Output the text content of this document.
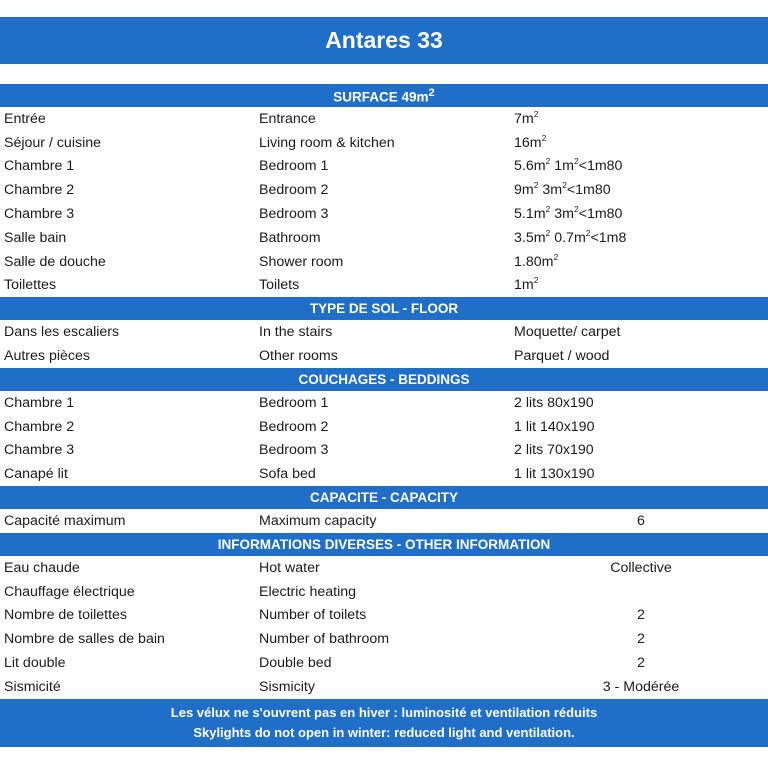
Antares 33
SURFACE $49m^2$
Entrée	Entrance	$7m^2$
Séjour / cuisine	Living room & kitchen	$16m^2$
Chambre 1	Bedroom 1	$5.6m^2$ $1m^2<1m80$
Chambre 2	Bedroom 2	$9m^2$ $3m^2<1m80$
Chambre 3	Bedroom 3	$5.1m^2$ $3m^2<1m80$
Salle bain	Bathroom	$3.5m^2$ $0.7m^2<1m8$
Salle de douche	Shower room	$1.80m^2$
Toilettes	Toilets	$1m^2$
TYPE DE SOL - FLOOR
Dans les escaliers	In the stairs	Moquette/ carpet
Autres pièces	Other rooms	Parquet / wood
COUCHAGES - BEDDINGS
Chambre 1	Bedroom 1	2 lits 80x190
Chambre 2	Bedroom 2	1 lit 140x190
Chambre 3	Bedroom 3	2 lits 70x190
Canapé lit	Sofa bed	1 lit 130x190
CAPACITE - CAPACITY
Capacité maximum	Maximum capacity	6
INFORMATIONS DIVERSES - OTHER INFORMATION
Eau chaude	Hot water	Collective
Chauffage électrique	Electric heating
Nombre de toilettes	Number of toilets	2
Nombre de salles de bain	Number of bathroom	2
Lit double	Double bed	2
Sismicité	Sismicity	3 - Modérée
Les vélux ne s'ouvrent pas en hiver : luminosité et ventilation réduits
Skylights do not open in winter: reduced light and ventilation.
